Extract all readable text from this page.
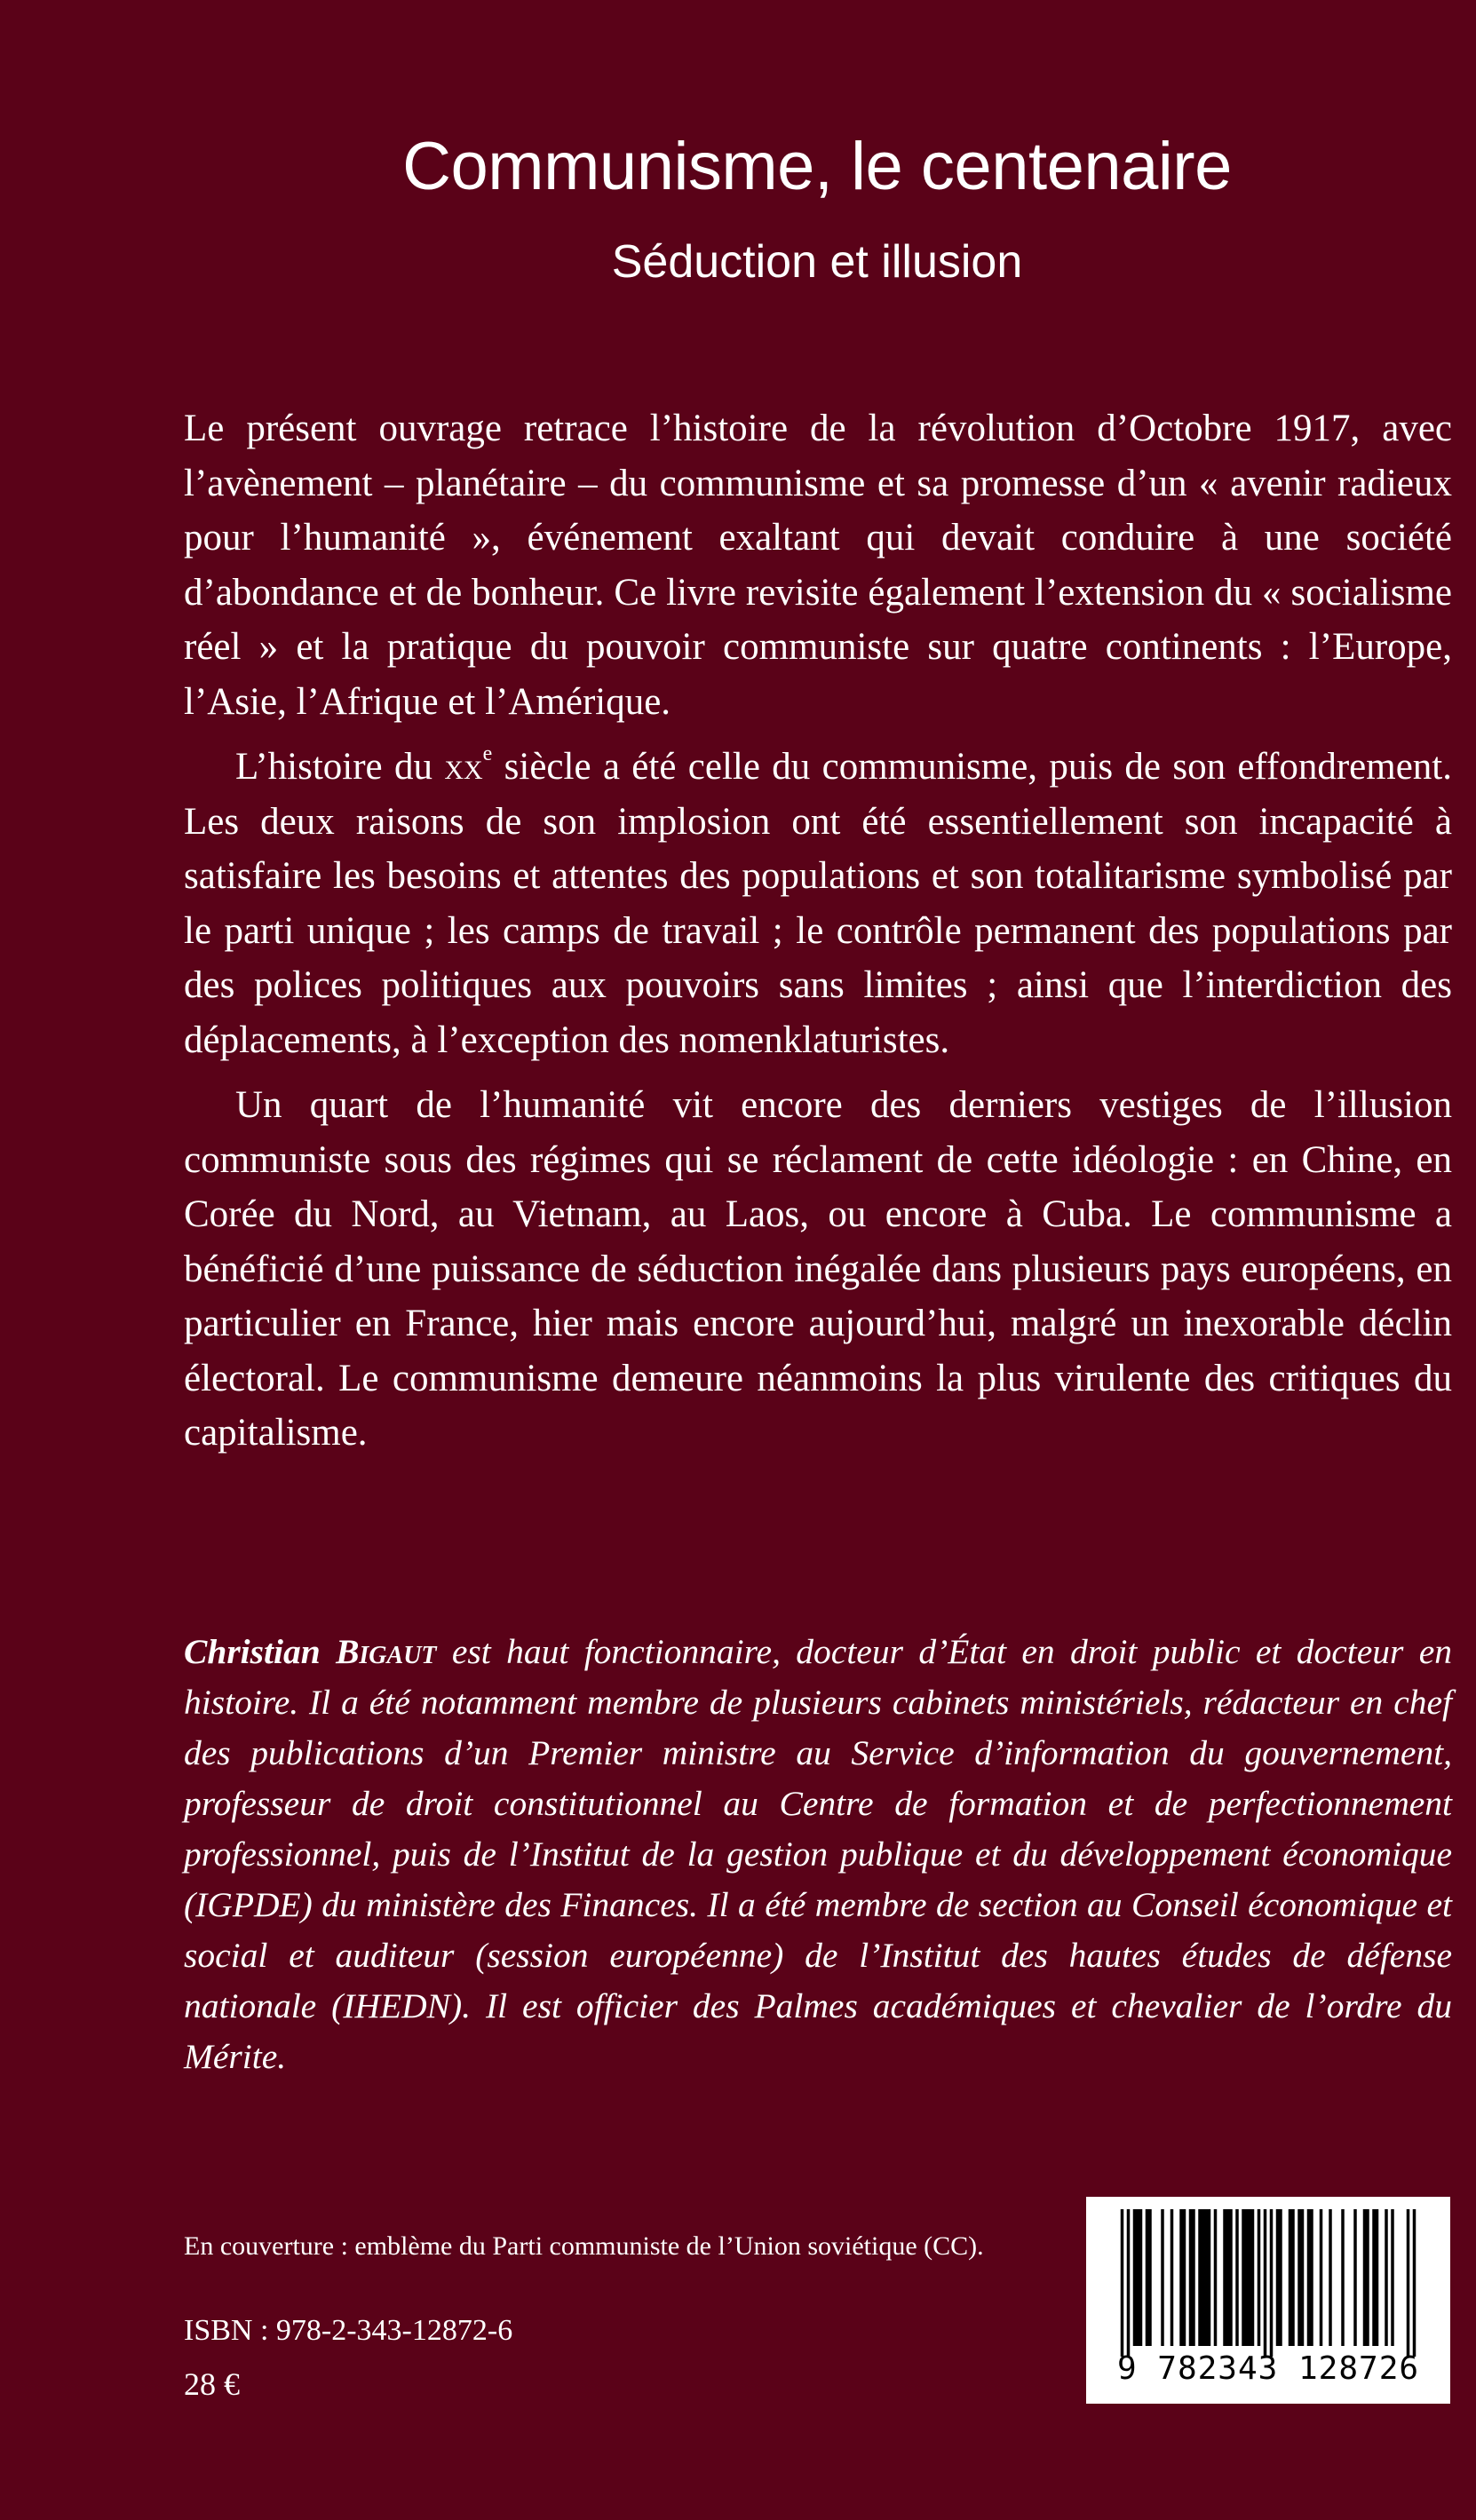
Communisme, le centenaire
Séduction et illusion

Le présent ouvrage retrace l’histoire de la révolution d’Octobre 1917, avec l’avènement – planétaire – du communisme et sa promesse d’un « avenir radieux pour l’humanité », événement exaltant qui devait conduire à une société d’abondance et de bonheur. Ce livre revisite également l’extension du « socialisme réel » et la pratique du pouvoir communiste sur quatre continents : l’Europe, l’Asie, l’Afrique et l’Amérique.

L’histoire du $xx^e$ siècle a été celle du communisme, puis de son effondrement. Les deux raisons de son implosion ont été essentiellement son incapacité à satisfaire les besoins et attentes des populations et son totalitarisme symbolisé par le parti unique ; les camps de travail ; le contrôle permanent des populations par des polices politiques aux pouvoirs sans limites ; ainsi que l’interdiction des déplacements, à l’exception des nomenklaturistes.

Un quart de l’humanité vit encore des derniers vestiges de l’illusion communiste sous des régimes qui se réclament de cette idéologie : en Chine, en Corée du Nord, au Vietnam, au Laos, ou encore à Cuba. Le communisme a bénéficié d’une puissance de séduction inégalée dans plusieurs pays européens, en particulier en France, hier mais encore aujourd’hui, malgré un inexorable déclin électoral. Le communisme demeure néanmoins la plus virulente des critiques du capitalisme.

Christian Bigaut est haut fonctionnaire, docteur d’État en droit public et docteur en histoire. Il a été notamment membre de plusieurs cabinets ministériels, rédacteur en chef des publications d’un Premier ministre au Service d’information du gouvernement, professeur de droit constitutionnel au Centre de formation et de perfectionnement professionnel, puis de l’Institut de la gestion publique et du développement économique (IGPDE) du ministère des Finances. Il a été membre de section au Conseil économique et social et auditeur (session européenne) de l’Institut des hautes études de défense nationale (IHEDN). Il est officier des Palmes académiques et chevalier de l’ordre du Mérite.
En couverture : emblème du Parti communiste de l’Union soviétique (CC).
ISBN : 978-2-343-12872-6
28 €	9 782343 128726
